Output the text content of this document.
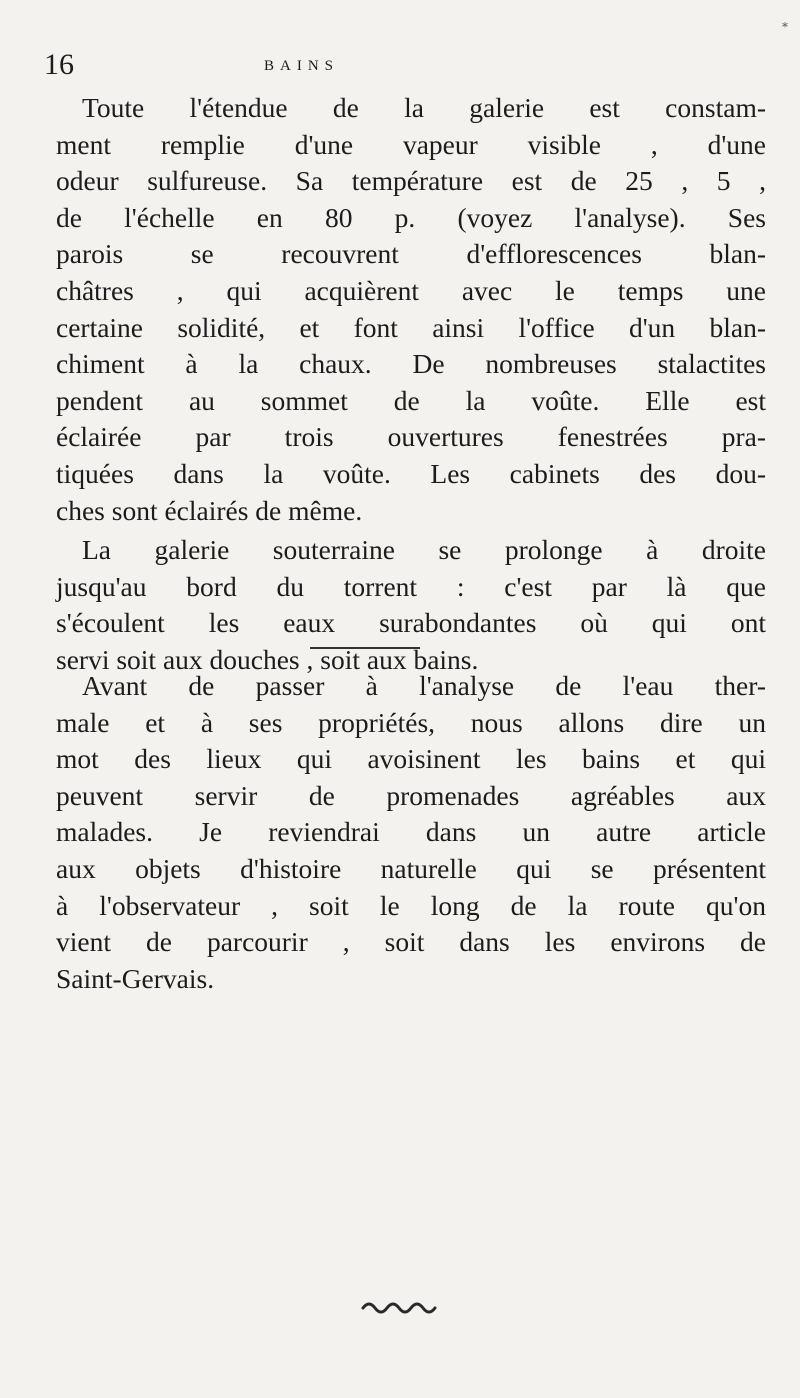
16	BAINS
*
Toute l'étendue de la galerie est constam-
ment remplie d'une vapeur visible , d'une
odeur sulfureuse. Sa température est de 25 , 5 ,
de l'échelle en 80 p. (voyez l'analyse). Ses
parois se recouvrent d'efflorescences blan-
châtres , qui acquièrent avec le temps une
certaine solidité, et font ainsi l'office d'un blan-
chiment à la chaux. De nombreuses stalactites
pendent au sommet de la voûte. Elle est
éclairée par trois ouvertures fenestrées pra-
tiquées dans la voûte. Les cabinets des dou-
ches sont éclairés de même.
La galerie souterraine se prolonge à droite
jusqu'au bord du torrent : c'est par là que
s'écoulent les eaux surabondantes où qui ont
servi soit aux douches , soit aux bains.
Avant de passer à l'analyse de l'eau ther-
male et à ses propriétés, nous allons dire un
mot des lieux qui avoisinent les bains et qui
peuvent servir de promenades agréables aux
malades. Je reviendrai dans un autre article
aux objets d'histoire naturelle qui se présentent
à l'observateur , soit le long de la route qu'on
vient de parcourir , soit dans les environs de
Saint-Gervais.
